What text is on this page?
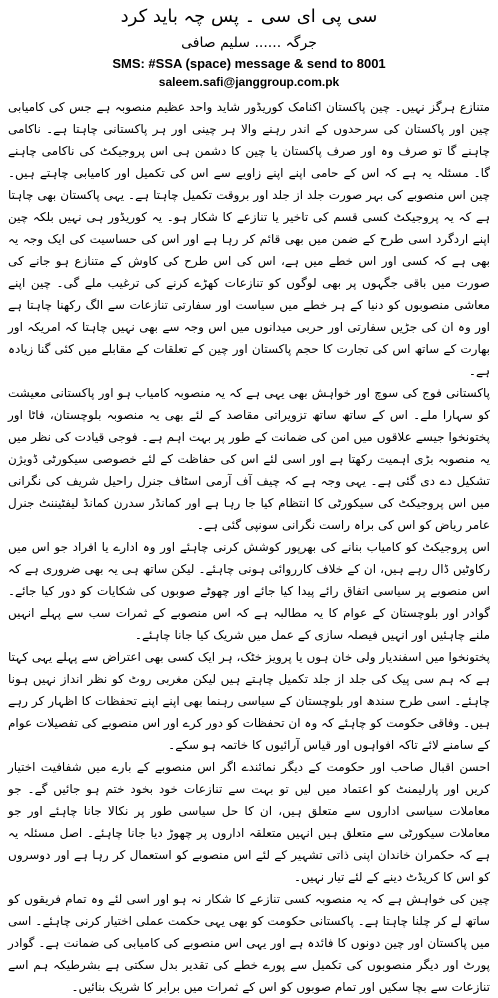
سی پی ای سی ۔ پس چہ باید کرد
جرگہ ...... سلیم صافی
SMS: #SSA (space) message & send to 8001
saleem.safi@janggroup.com.pk

متنازع ہرگز نہیں۔ چین پاکستان اکنامک کوریڈور شاید واحد عظیم منصوبہ ہے جس کی کامیابی چین اور پاکستان کی سرحدوں کے اندر رہنے والا ہر چینی اور ہر پاکستانی چاہتا ہے۔ ناکامی چاہنے گا تو صرف وہ اور صرف پاکستان یا چین کا دشمن ہی اس پروجیکٹ کی ناکامی چاہنے گا۔ مسئلہ یہ ہے کہ اس کے حامی اپنے اپنے زاویے سے اس کی تکمیل اور کامیابی چاہتے ہیں۔ چین اس منصوبے کی بہر صورت جلد از جلد اور بروقت تکمیل چاہتا ہے۔ یہی پاکستان بھی چاہتا ہے کہ یہ پروجیکٹ کسی قسم کی تاخیر یا تنازعے کا شکار ہو۔ یہ کوریڈور ہی نہیں بلکہ چین اپنے اردگرد اسی طرح کے ضمن میں بھی قائم کر رہا ہے اور اس کی حساسیت کی ایک وجہ یہ بھی ہے کہ کسی اور اس خطے میں ہے، اس کی اس طرح کی کاوش کے متنازع ہو جانے کی صورت میں باقی جگہوں پر بھی لوگوں کو تنازعات کھڑے کرنے کی ترغیب ملے گی۔ چین اپنے معاشی منصوبوں کو دنیا کے ہر خطے میں سیاست اور سفارتی تنازعات سے الگ رکھنا چاہتا ہے اور وہ ان کی جڑیں سفارتی اور حربی میدانوں میں اس وجہ سے بھی نہیں چاہتا کہ امریکہ اور بھارت کے ساتھ اس کی تجارت کا حجم پاکستان اور چین کے تعلقات کے مقابلے میں کئی گنا زیادہ ہے۔

پاکستانی فوج کی سوچ اور خواہش بھی یہی ہے کہ یہ منصوبہ کامیاب ہو اور پاکستانی معیشت کو سہارا ملے۔ اس کے ساتھ ساتھ تزویراتی مقاصد کے لئے بھی یہ منصوبہ بلوچستان، فاٹا اور پختونخوا جیسے علاقوں میں امن کی ضمانت کے طور پر بہت اہم ہے۔ فوجی قیادت کی نظر میں یہ منصوبہ بڑی اہمیت رکھتا ہے اور اسی لئے اس کی حفاظت کے لئے خصوصی سیکورٹی ڈویژن تشکیل دے دی گئی ہے۔ یہی وجہ ہے کہ چیف آف آرمی اسٹاف جنرل راحیل شریف کی نگرانی میں اس پروجیکٹ کی سیکورٹی کا انتظام کیا جا رہا ہے اور کمانڈر سدرن کمانڈ لیفٹیننٹ جنرل عامر ریاض کو اس کی براہ راست نگرانی سونپی گئی ہے۔

اس پروجیکٹ کو کامیاب بنانے کی بھرپور کوشش کرنی چاہئے اور وہ ادارے یا افراد جو اس میں رکاوٹیں ڈال رہے ہیں، ان کے خلاف کارروائی ہونی چاہئے۔ لیکن ساتھ ہی یہ بھی ضروری ہے کہ اس منصوبے پر سیاسی اتفاق رائے پیدا کیا جائے اور چھوٹے صوبوں کی شکایات کو دور کیا جائے۔ گوادر اور بلوچستان کے عوام کا یہ مطالبہ ہے کہ اس منصوبے کے ثمرات سب سے پہلے انہیں ملنے چاہئیں اور انہیں فیصلہ سازی کے عمل میں شریک کیا جانا چاہئے۔

پختونخوا میں اسفندیار ولی خان ہوں یا پرویز خٹک، ہر ایک کسی بھی اعتراض سے پہلے یہی کہتا ہے کہ ہم سی پیک کی جلد از جلد تکمیل چاہتے ہیں لیکن مغربی روٹ کو نظر انداز نہیں ہونا چاہئے۔ اسی طرح سندھ اور بلوچستان کے سیاسی رہنما بھی اپنے اپنے تحفظات کا اظہار کر رہے ہیں۔ وفاقی حکومت کو چاہئے کہ وہ ان تحفظات کو دور کرے اور اس منصوبے کی تفصیلات عوام کے سامنے لائے تاکہ افواہوں اور قیاس آرائیوں کا خاتمہ ہو سکے۔

احسن اقبال صاحب اور حکومت کے دیگر نمائندے اگر اس منصوبے کے بارے میں شفافیت اختیار کریں اور پارلیمنٹ کو اعتماد میں لیں تو بہت سے تنازعات خود بخود ختم ہو جائیں گے۔ جو معاملات سیاسی اداروں سے متعلق ہیں، ان کا حل سیاسی طور پر نکالا جانا چاہئے اور جو معاملات سیکورٹی سے متعلق ہیں انہیں متعلقہ اداروں پر چھوڑ دیا جانا چاہئے۔ اصل مسئلہ یہ ہے کہ حکمران خاندان اپنی ذاتی تشہیر کے لئے اس منصوبے کو استعمال کر رہا ہے اور دوسروں کو اس کا کریڈٹ دینے کے لئے تیار نہیں۔

چین کی خواہش ہے کہ یہ منصوبہ کسی تنازعے کا شکار نہ ہو اور اسی لئے وہ تمام فریقوں کو ساتھ لے کر چلنا چاہتا ہے۔ پاکستانی حکومت کو بھی یہی حکمت عملی اختیار کرنی چاہئے۔ اسی میں پاکستان اور چین دونوں کا فائدہ ہے اور یہی اس منصوبے کی کامیابی کی ضمانت ہے۔ گوادر پورٹ اور دیگر منصوبوں کی تکمیل سے پورے خطے کی تقدیر بدل سکتی ہے بشرطیکہ ہم اسے تنازعات سے بچا سکیں اور تمام صوبوں کو اس کے ثمرات میں برابر کا شریک بنائیں۔
